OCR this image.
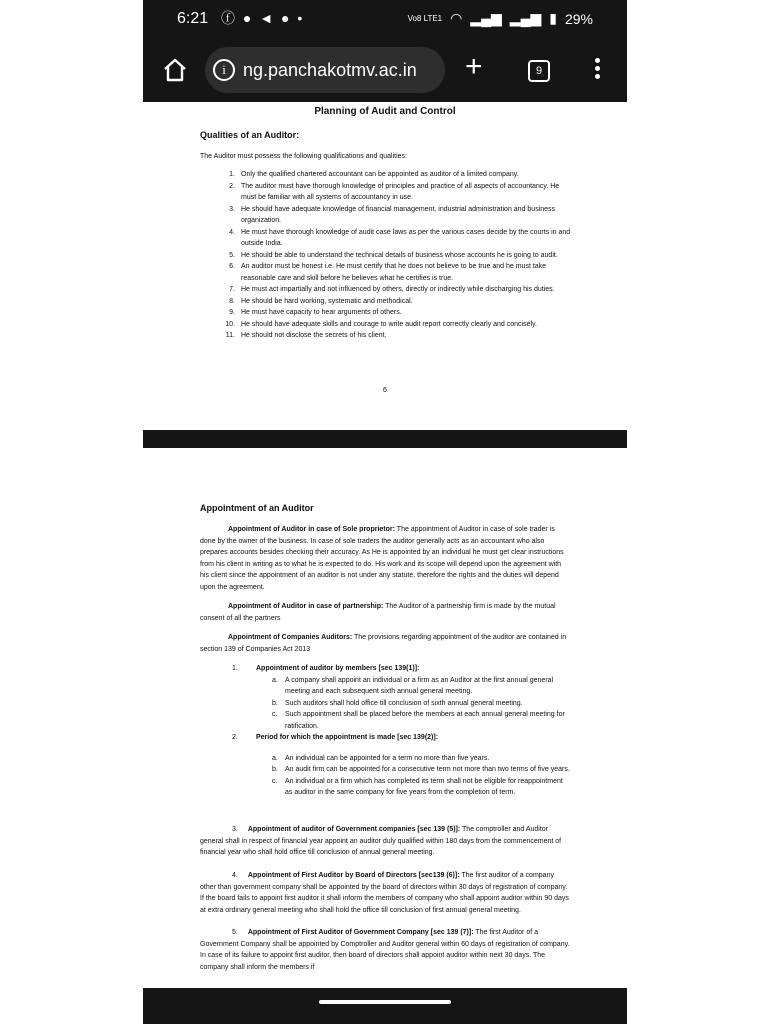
6:21 ⓕ ● ◄ ● •	Vo8 LTE1 ◠ ▂▄▆ ▂▄▆ ▮ 29%
i ng.panchakotmv.ac.in +	9
Planning of Audit and Control
Qualities of an Auditor:
The Auditor must possess the following qualifications and qualities:
1. Only the qualified chartered accountant can be appointed as auditor of a limited company.
2. The auditor must have thorough knowledge of principles and practice of all aspects of accountancy. He must be familiar with all systems of accountancy in use.
3. He should have adequate knowledge of financial management, industrial administration and business organization.
4. He must have thorough knowledge of audit case laws as per the various cases decide by the courts in and outside India.
5. He should be able to understand the technical details of business whose accounts he is going to audit.
6. An auditor must be honest i.e. He must certify that he does not believe to be true and he must take reasonable care and skill before he believes what he certifies is true.
7. He must act impartially and not influenced by others, directly or indirectly while discharging his duties.
8. He should be hard working, systematic and methodical.
9. He must have capacity to hear arguments of others.
10. He should have adequate skills and courage to write audit report correctly clearly and concisely.
11. He should not disclose the secrets of his client.
6
Appointment of an Auditor
Appointment of Auditor in case of Sole proprietor: The appointment of Auditor in case of sole trader is done by the owner of the business. In case of sole traders the auditor generally acts as an accountant who also prepares accounts besides checking their accuracy. As He is appointed by an individual he must get clear instructions from his client in writing as to what he is expected to do. His work and its scope will depend upon the agreement with his client since the appointment of an auditor is not under any statute, therefore the rights and the duties will depend upon the agreement.
Appointment of Auditor in case of partnership: The Auditor of a partnership firm is made by the mutual consent of all the partners
Appointment of Companies Auditors: The provisions regarding appointment of the auditor are contained in section 139 of Companies Act 2013
1.	Appointment of auditor by members [sec 139(1)]:
a. A company shall appoint an individual or a firm as an Auditor at the first annual general meeting and each subsequent sixth annual general meeting.
b. Such auditors shall hold office till conclusion of sixth annual general meeting.
c. Such appointment shall be placed before the members at each annual general meeting for ratification.
2.	Period for which the appointment is made [sec 139(2)]:
a. An individual can be appointed for a term no more than five years.
b. An audit firm can be appointed for a consecutive term not more than two terms of five years.
c. An individual or a firm which has completed its term shall not be eligible for reappointment as auditor in the same company for five years from the completion of term.
3. Appointment of auditor of Government companies [sec 139 (5)]: The comptroller and Auditor general shall in respect of financial year appoint an auditor duly qualified within 180 days from the commencement of financial year who shall hold office till conclusion of annual general meeting.
4. Appointment of First Auditor by Board of Directors [sec139 (6)]: The first auditor of a company other than government company shall be appointed by the board of directors within 30 days of registration of company. If the board fails to appoint first auditor it shall inform the members of company who shall appoint auditor within 90 days at extra ordinary general meeting who shall hold the office till conclusion of first annual general meeting.
5. Appointment of First Auditor of Government Company [sec 139 (7)]: The first Auditor of a Government Company shall be appointed by Comptroller and Auditor general within 60 days of registration of company. In case of its failure to appoint first auditor, then board of directors shall appoint auditor within next 30 days. The company shall inform the members if
